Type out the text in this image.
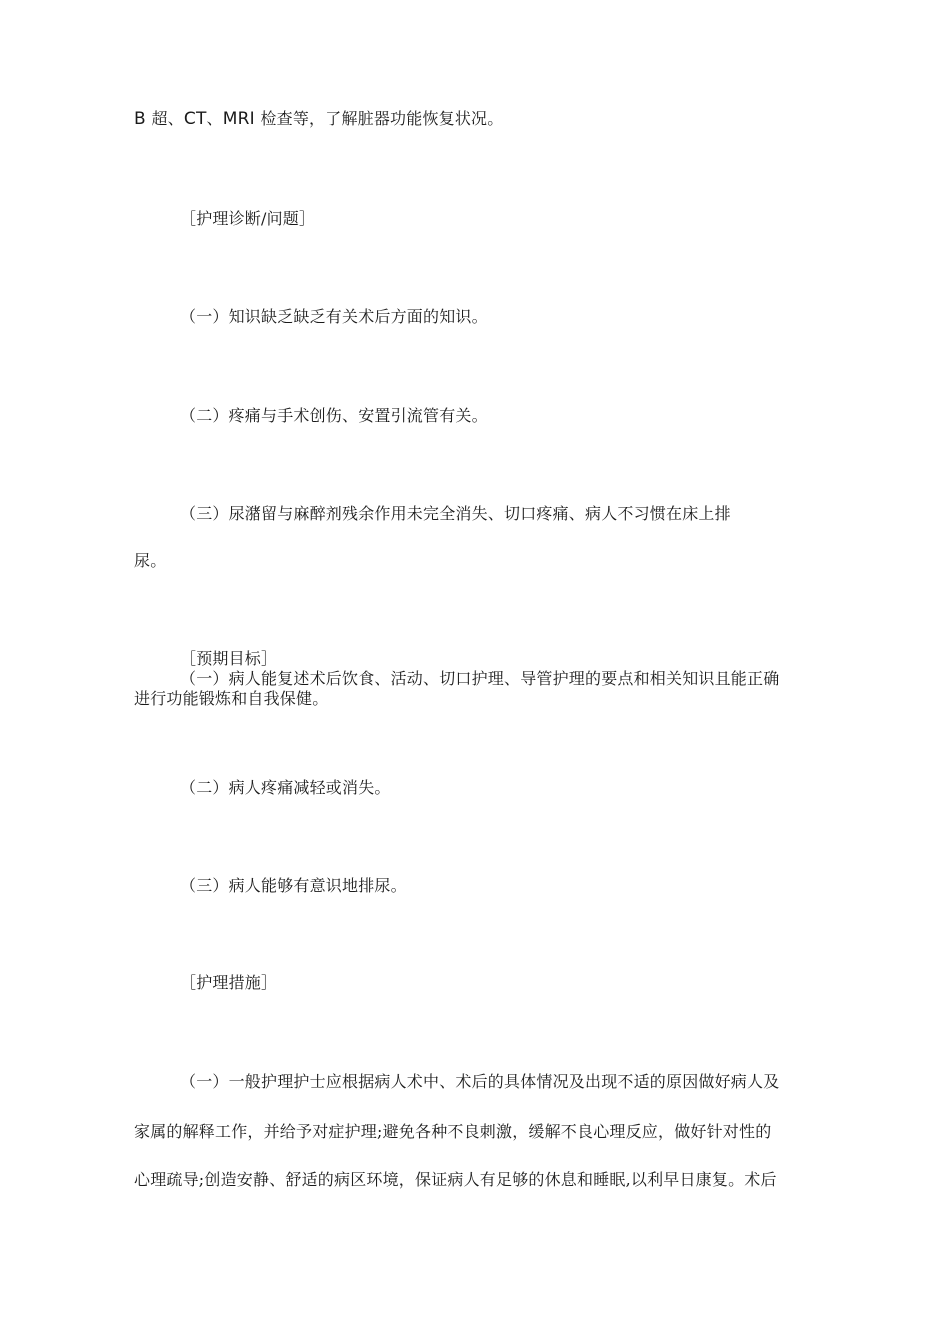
B 超、CT、MRI 检查等，了解脏器功能恢复状况。
［护理诊断/问题］
（一）知识缺乏缺乏有关术后方面的知识。
（二）疼痛与手术创伤、安置引流管有关。
（三）尿潴留与麻醉剂残余作用未完全消失、切口疼痛、病人不习惯在床上排
尿。
［预期目标］
（一）病人能复述术后饮食、活动、切口护理、导管护理的要点和相关知识且能正确
进行功能锻炼和自我保健。
（二）病人疼痛减轻或消失。
（三）病人能够有意识地排尿。
［护理措施］
（一）一般护理护士应根据病人术中、术后的具体情况及出现不适的原因做好病人及
家属的解释工作，并给予对症护理;避免各种不良刺激，缓解不良心理反应，做好针对性的
心理疏导;创造安静、舒适的病区环境，保证病人有足够的休息和睡眠,以利早日康复。术后
